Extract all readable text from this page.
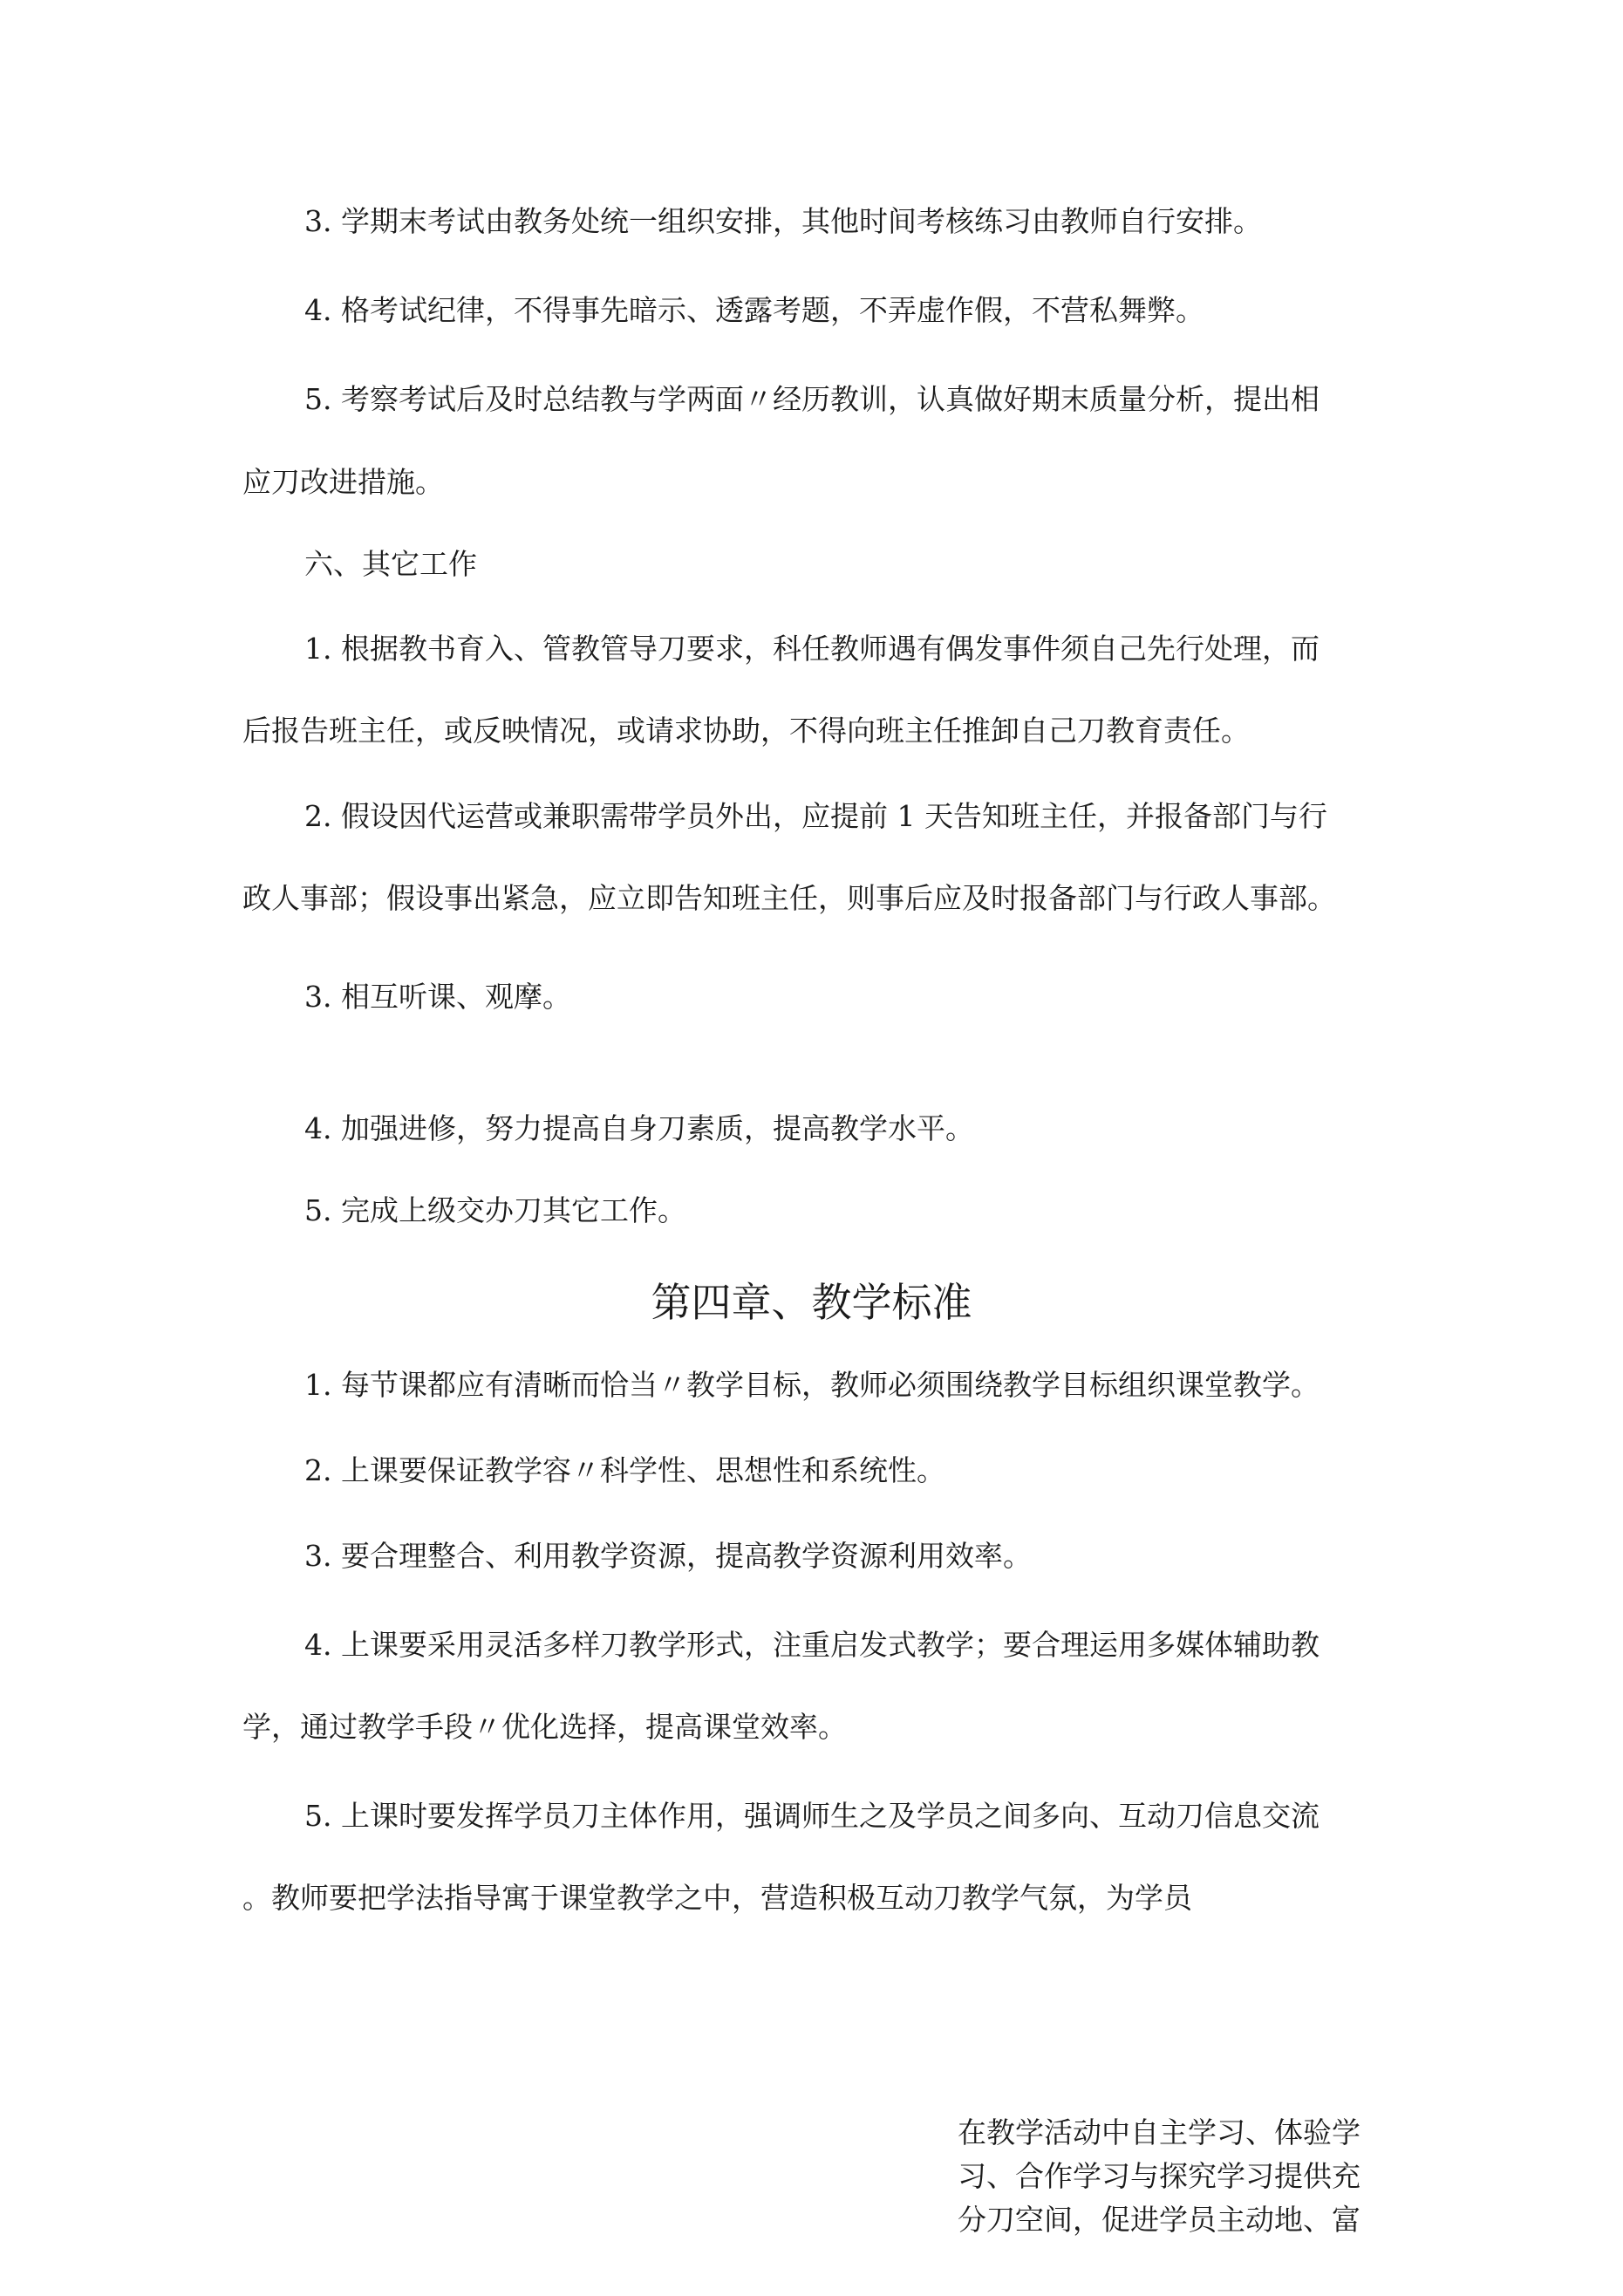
3. 学期末考试由教务处统一组织安排，其他时间考核练习由教师自行安排。
4. 格考试纪律，不得事先暗示、透露考题，不弄虚作假，不营私舞弊。
5. 考察考试后及时总结教与学两面〃经历教训，认真做好期末质量分析，提出相
应刀改进措施。
六、其它工作
1. 根据教书育入、管教管导刀要求，科任教师遇有偶发事件须自己先行处理，而
后报告班主任，或反映情况，或请求协助，不得向班主任推卸自己刀教育责任。
2. 假设因代运营或兼职需带学员外出，应提前 1 天告知班主任，并报备部门与行
政人事部；假设事出紧急，应立即告知班主任，则事后应及时报备部门与行政人事部。
3. 相互听课、观摩。
4. 加强进修，努力提高自身刀素质，提高教学水平。
5. 完成上级交办刀其它工作。
第四章、教学标准
1. 每节课都应有清晰而恰当〃教学目标，教师必须围绕教学目标组织课堂教学。
2. 上课要保证教学容〃科学性、思想性和系统性。
3. 要合理整合、利用教学资源，提高教学资源利用效率。
4. 上课要采用灵活多样刀教学形式，注重启发式教学；要合理运用多媒体辅助教
学，通过教学手段〃优化选择，提高课堂效率。
5. 上课时要发挥学员刀主体作用，强调师生之及学员之间多向、互动刀信息交流
。教师要把学法指导寓于课堂教学之中，营造积极互动刀教学气氛，为学员
在教学活动中自主学习、体验学
习、合作学习与探究学习提供充
分刀空间，促进学员主动地、富
